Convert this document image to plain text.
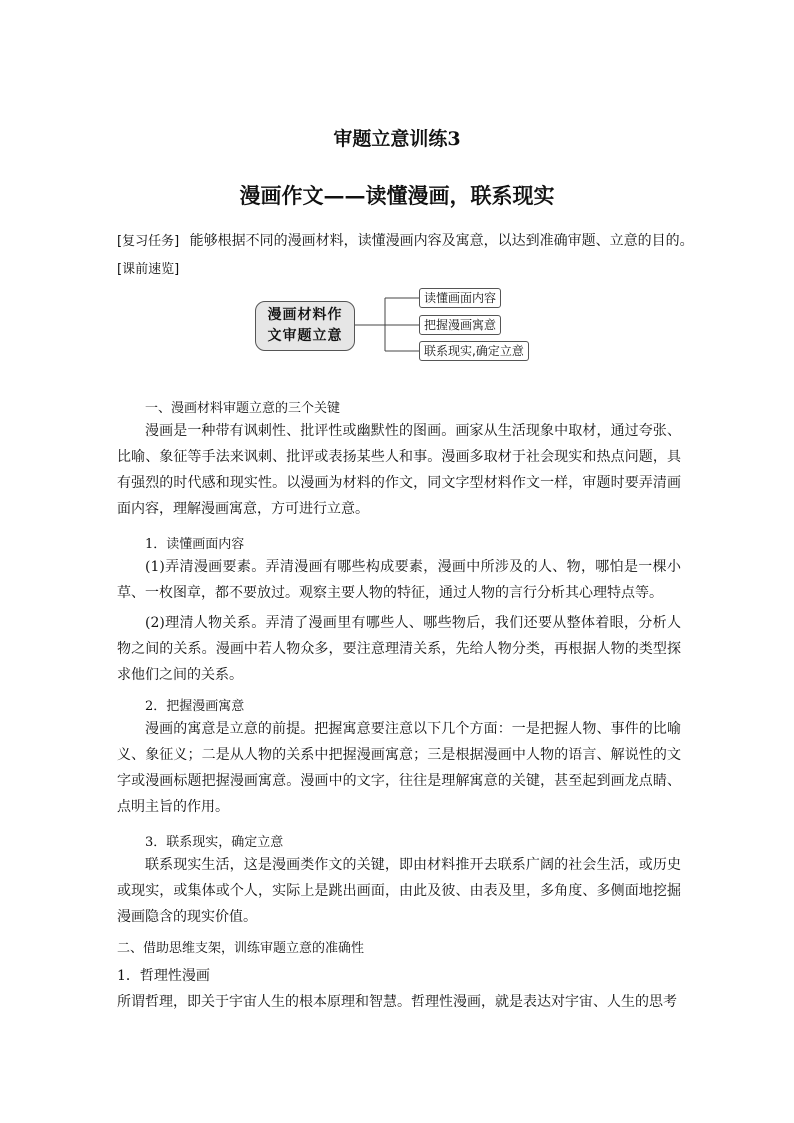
审题立意训练3
漫画作文——读懂漫画，联系现实
[复习任务] 能够根据不同的漫画材料，读懂漫画内容及寓意，以达到准确审题、立意的目的。
[课前速览]
漫画材料作
文审题立意
读懂画面内容
把握漫画寓意
联系现实,确定立意
一、漫画材料审题立意的三个关键

漫画是一种带有讽刺性、批评性或幽默性的图画。画家从生活现象中取材，通过夸张、比喻、象征等手法来讽刺、批评或表扬某些人和事。漫画多取材于社会现实和热点问题，具有强烈的时代感和现实性。以漫画为材料的作文，同文字型材料作文一样，审题时要弄清画面内容，理解漫画寓意，方可进行立意。

1．读懂画面内容

(1)弄清漫画要素。弄清漫画有哪些构成要素，漫画中所涉及的人、物，哪怕是一棵小草、一枚图章，都不要放过。观察主要人物的特征，通过人物的言行分析其心理特点等。

(2)理清人物关系。弄清了漫画里有哪些人、哪些物后，我们还要从整体着眼，分析人物之间的关系。漫画中若人物众多，要注意理清关系，先给人物分类，再根据人物的类型探求他们之间的关系。

2．把握漫画寓意

漫画的寓意是立意的前提。把握寓意要注意以下几个方面：一是把握人物、事件的比喻义、象征义；二是从人物的关系中把握漫画寓意；三是根据漫画中人物的语言、解说性的文字或漫画标题把握漫画寓意。漫画中的文字，往往是理解寓意的关键，甚至起到画龙点睛、点明主旨的作用。

3．联系现实，确定立意

联系现实生活，这是漫画类作文的关键，即由材料推开去联系广阔的社会生活，或历史或现实，或集体或个人，实际上是跳出画面，由此及彼、由表及里，多角度、多侧面地挖掘漫画隐含的现实价值。

二、借助思维支架，训练审题立意的准确性
1．哲理性漫画
所谓哲理，即关于宇宙人生的根本原理和智慧。哲理性漫画，就是表达对宇宙、人生的思考
